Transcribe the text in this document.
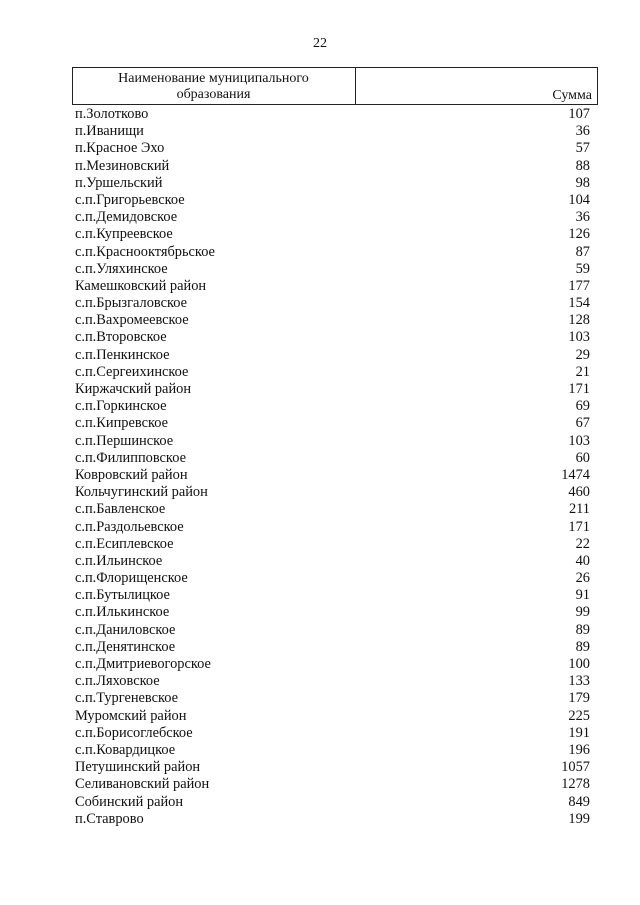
22
Наименование муниципального
образования	Сумма
п.Золотково	107
п.Иванищи	36
п.Красное Эхо	57
п.Мезиновский	88
п.Уршельский	98
с.п.Григорьевское	104
с.п.Демидовское	36
с.п.Купреевское	126
с.п.Краснооктябрьское	87
с.п.Уляхинское	59
Камешковский район	177
с.п.Брызгаловское	154
с.п.Вахромеевское	128
с.п.Второвское	103
с.п.Пенкинское	29
с.п.Сергеихинское	21
Киржачский район	171
с.п.Горкинское	69
с.п.Кипревское	67
с.п.Першинское	103
с.п.Филипповское	60
Ковровский район	1474
Кольчугинский район	460
с.п.Бавленское	211
с.п.Раздольевское	171
с.п.Есиплевское	22
с.п.Ильинское	40
с.п.Флорищенское	26
с.п.Бутылицкое	91
с.п.Илькинское	99
с.п.Даниловское	89
с.п.Денятинское	89
с.п.Дмитриевогорское	100
с.п.Ляховское	133
с.п.Тургеневское	179
Муромский район	225
с.п.Борисоглебское	191
с.п.Ковардицкое	196
Петушинский район	1057
Селивановский район	1278
Собинский район	849
п.Ставрово	199
